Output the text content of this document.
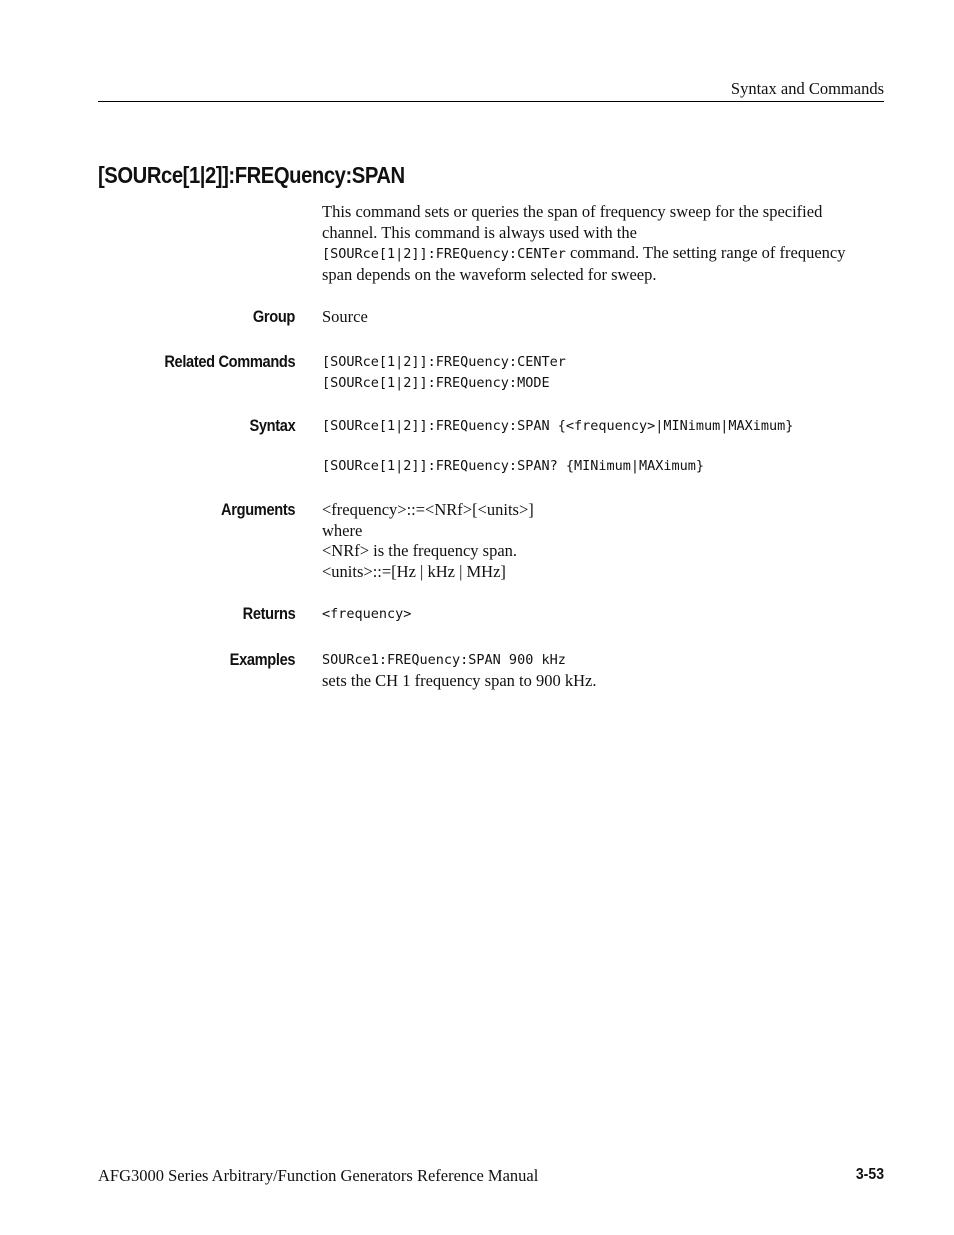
Syntax and Commands
[SOURce[1|2]]:FREQuency:SPAN
This command sets or queries the span of frequency sweep for the specified
channel. This command is always used with the
[SOURce[1|2]]:FREQuency:CENTer command. The setting range of frequency
span depends on the waveform selected for sweep.
Group Source
Related Commands [SOURce[1|2]]:FREQuency:CENTer
[SOURce[1|2]]:FREQuency:MODE
Syntax [SOURce[1|2]]:FREQuency:SPAN {<frequency>|MINimum|MAXimum}
[SOURce[1|2]]:FREQuency:SPAN? {MINimum|MAXimum}
Arguments <frequency>::=<NRf>[<units>]
where
<NRf> is the frequency span.
<units>::=[Hz | kHz | MHz]
Returns <frequency>
Examples SOURce1:FREQuency:SPAN 900 kHz
sets the CH 1 frequency span to 900 kHz.
AFG3000 Series Arbitrary/Function Generators Reference Manual	3-53
